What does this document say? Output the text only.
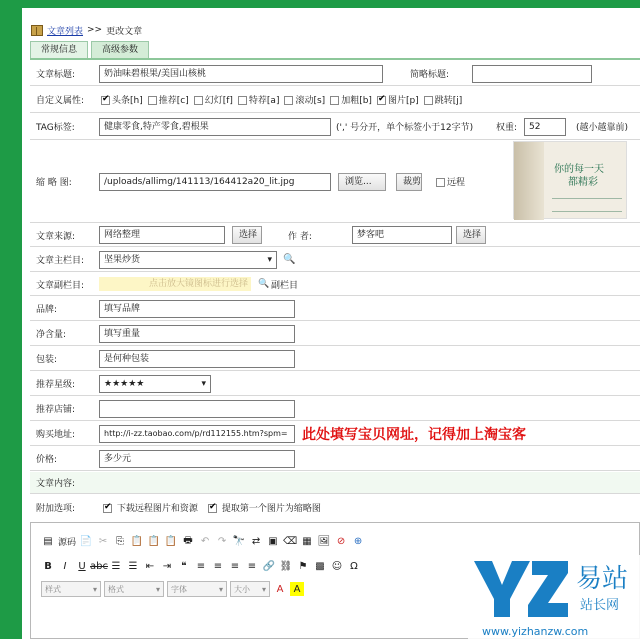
文章列表 >> 更改文章
常规信息	高级参数
文章标题:	奶油味碧根果/美国山核桃	简略标题:
自定义属性: ✔	头条[h]	推荐[c]	幻灯[f]	特荐[a]	滚动[s]	加粗[b] ✔	图片[p]	跳转[j]
TAG标签:	健康零食,特产零食,碧根果	(',' 号分开，单个标签小于12字节)	权重:	52	(越小越靠前)
缩 略 图:	/uploads/allimg/141113/164412a20_lit.jpg	浏览...	裁剪	远程
你的每一天
都精彩
文章来源:	网络整理	选择	作 者:	梦客吧	选择
文章主栏目:	坚果炒货	▾ 🔍
文章副栏目:	点击放大镜图标进行选择	🔍 副栏目
品牌:	填写品牌
净含量:	填写重量
包装:	是何种包装
推荐星级:	★★★★★	▾
推荐店铺:
购买地址:	http://i-zz.taobao.com/p/rd112155.htm?spm=	此处填写宝贝网址，记得加上淘宝客
价格:	多少元
文章内容:
附加选项: ✔	下载远程图片和资源 ✔	提取第一个图片为缩略图
▤ 源码 📄 ✂ ⎘ 📋 📋 📋 🖶 ↶ ↷ 🔭 ⇄ ▣ ⌫ ▦ 🖼 ⊘ ⊕
B	I	U abc ☰ ☰ ⇤ ⇥	❝	≡ ≡ ≡ ≡ 🔗 ⛓ ⚑ ▩ ☺ Ω
样式	▾ 格式	▾ 字体	▾ 大小 ▾	A	A	易站
站长网
www.yizhanzw.com
